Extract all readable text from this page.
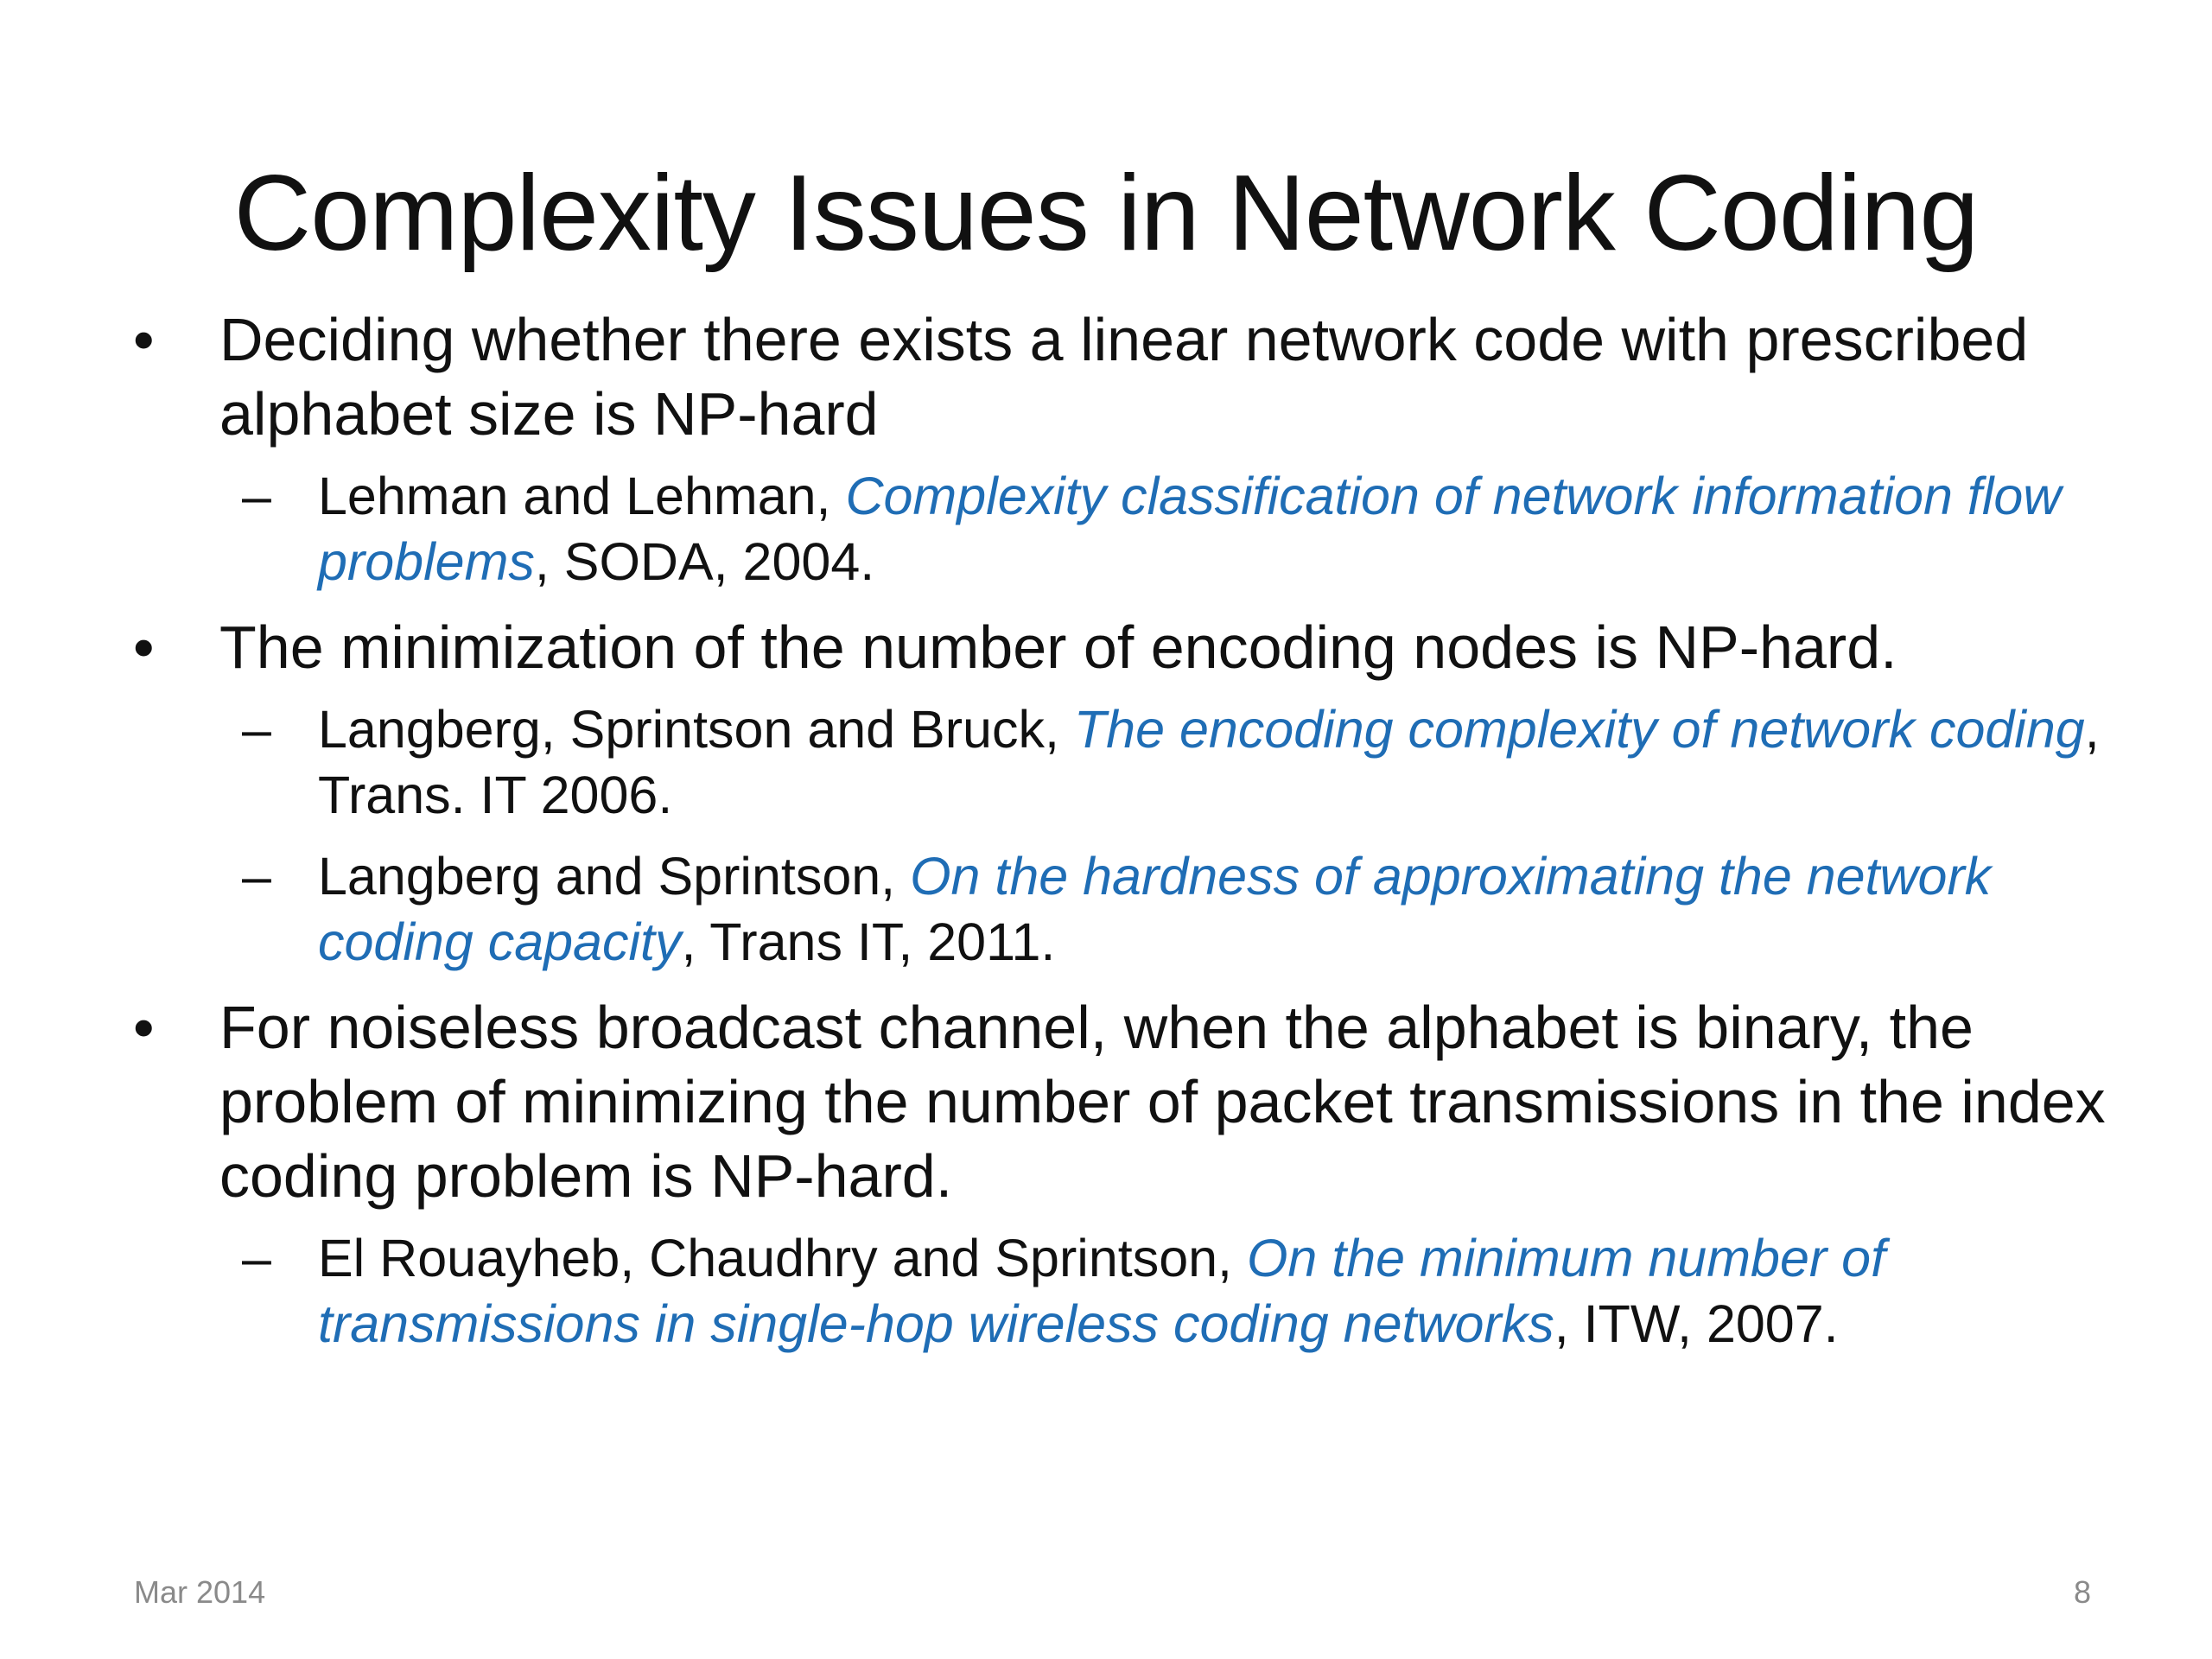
Complexity Issues in Network Coding
• Deciding whether there exists a linear network code with prescribed alphabet size is NP-hard
– Lehman and Lehman, Complexity classification of network information flow problems, SODA, 2004.
• The minimization of the number of encoding nodes is NP-hard.
– Langberg, Sprintson and Bruck, The encoding complexity of network coding, Trans. IT 2006.
– Langberg and Sprintson, On the hardness of approximating the network coding capacity, Trans IT, 2011.
• For noiseless broadcast channel, when the alphabet is binary, the problem of minimizing the number of packet transmissions in the index coding problem is NP-hard.
– El Rouayheb, Chaudhry and Sprintson, On the minimum number of transmissions in single-hop wireless coding networks, ITW, 2007.
Mar 2014	8
